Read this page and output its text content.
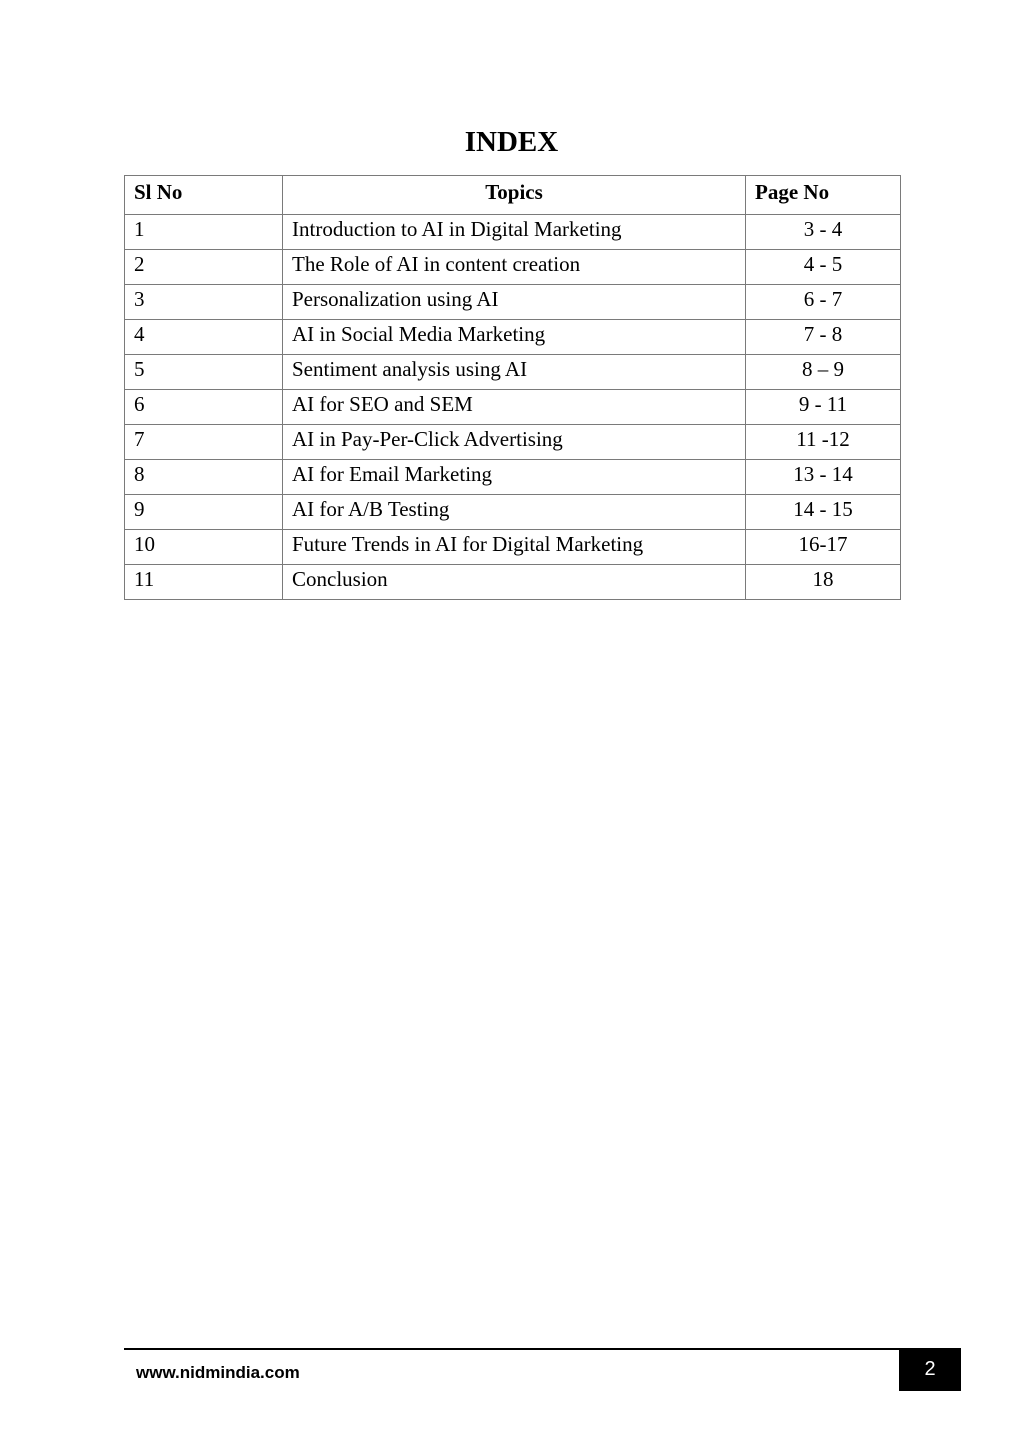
INDEX
Sl No	Topics	Page No
1	Introduction to AI in Digital Marketing	3 - 4
2	The Role of AI in content creation	4 - 5
3	Personalization using AI	6 - 7
4	AI in Social Media Marketing	7 - 8
5	Sentiment analysis using AI	8 – 9
6	AI for SEO and SEM	9 - 11
7	AI in Pay-Per-Click Advertising	11 -12
8	AI for Email Marketing	13 - 14
9	AI for A/B Testing	14 - 15
10	Future Trends in AI for Digital Marketing	16-17
11	Conclusion	18
www.nidmindia.com	2
